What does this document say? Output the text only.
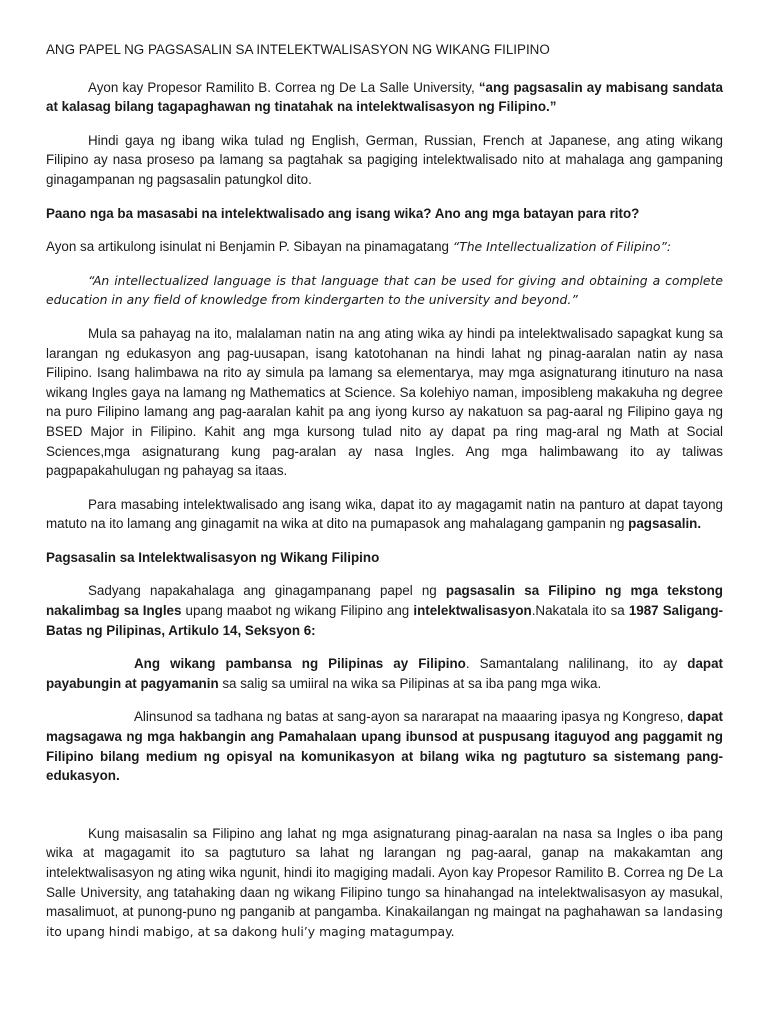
ANG PAPEL NG PAGSASALIN SA INTELEKTWALISASYON NG WIKANG FILIPINO

Ayon kay Propesor Ramilito B. Correa ng De La Salle University, “ang pagsasalin ay mabisang sandata at kalasag bilang tagapaghawan ng tinatahak na intelektwalisasyon ng Filipino.”

Hindi gaya ng ibang wika tulad ng English, German, Russian, French at Japanese, ang ating wikang Filipino ay nasa proseso pa lamang sa pagtahak sa pagiging intelektwalisado nito at mahalaga ang gampaning ginagampanan ng pagsasalin patungkol dito.

Paano nga ba masasabi na intelektwalisado ang isang wika? Ano ang mga batayan para rito?

Ayon sa artikulong isinulat ni Benjamin P. Sibayan na pinamagatang “The Intellectualization of Filipino”:

“An intellectualized language is that language that can be used for giving and obtaining a complete education in any field of knowledge from kindergarten to the university and beyond.”

Mula sa pahayag na ito, malalaman natin na ang ating wika ay hindi pa intelektwalisado sapagkat kung sa larangan ng edukasyon ang pag-uusapan, isang katotohanan na hindi lahat ng pinag-aaralan natin ay nasa Filipino. Isang halimbawa na rito ay simula pa lamang sa elementarya, may mga asignaturang itinuturo na nasa wikang Ingles gaya na lamang ng Mathematics at Science. Sa kolehiyo naman, imposibleng makakuha ng degree na puro Filipino lamang ang pag-aaralan kahit pa ang iyong kurso ay nakatuon sa pag-aaral ng Filipino gaya ng BSED Major in Filipino. Kahit ang mga kursong tulad nito ay dapat pa ring mag-aral ng Math at Social Sciences,mga asignaturang kung pag-aralan ay nasa Ingles. Ang mga halimbawang ito ay taliwas pagpapakahulugan ng pahayag sa itaas.

Para masabing intelektwalisado ang isang wika, dapat ito ay magagamit natin na panturo at dapat tayong matuto na ito lamang ang ginagamit na wika at dito na pumapasok ang mahalagang gampanin ng pagsasalin.

Pagsasalin sa Intelektwalisasyon ng Wikang Filipino

Sadyang napakahalaga ang ginagampanang papel ng pagsasalin sa Filipino ng mga tekstong nakalimbag sa Ingles upang maabot ng wikang Filipino ang intelektwalisasyon.Nakatala ito sa 1987 Saligang-Batas ng Pilipinas, Artikulo 14, Seksyon 6:

Ang wikang pambansa ng Pilipinas ay Filipino. Samantalang nalilinang, ito ay dapat payabungin at pagyamanin sa salig sa umiiral na wika sa Pilipinas at sa iba pang mga wika.

Alinsunod sa tadhana ng batas at sang-ayon sa nararapat na maaaring ipasya ng Kongreso, dapat magsagawa ng mga hakbangin ang Pamahalaan upang ibunsod at puspusang itaguyod ang paggamit ng Filipino bilang medium ng opisyal na komunikasyon at bilang wika ng pagtuturo sa sistemang pang-edukasyon.

Kung maisasalin sa Filipino ang lahat ng mga asignaturang pinag-aaralan na nasa sa Ingles o iba pang wika at magagamit ito sa pagtuturo sa lahat ng larangan ng pag-aaral, ganap na makakamtan ang intelektwalisasyon ng ating wika ngunit, hindi ito magiging madali. Ayon kay Propesor Ramilito B. Correa ng De La Salle University, ang tatahaking daan ng wikang Filipino tungo sa hinahangad na intelektwalisasyon ay masukal, masalimuot, at punong-puno ng panganib at pangamba. Kinakailangan ng maingat na paghahawan sa landasing ito upang hindi mabigo, at sa dakong huli’y maging matagumpay.
